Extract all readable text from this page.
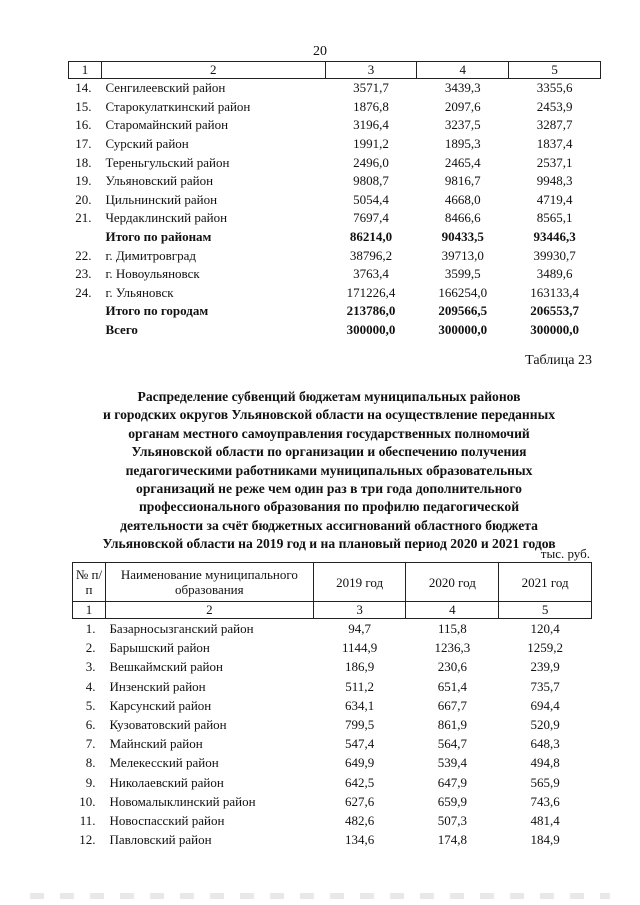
20
1	2	3	4	5
14.	Сенгилеевский район	3571,7	3439,3	3355,6
15.	Старокулаткинский район	1876,8	2097,6	2453,9
16.	Старомайнский район	3196,4	3237,5	3287,7
17.	Сурский район	1991,2	1895,3	1837,4
18.	Тереньгульский район	2496,0	2465,4	2537,1
19.	Ульяновский район	9808,7	9816,7	9948,3
20.	Цильнинский район	5054,4	4668,0	4719,4
21.	Чердаклинский район	7697,4	8466,6	8565,1
	Итого по районам	86214,0	90433,5	93446,3
22.	г. Димитровград	38796,2	39713,0	39930,7
23.	г. Новоульяновск	3763,4	3599,5	3489,6
24.	г. Ульяновск	171226,4	166254,0	163133,4
	Итого по городам	213786,0	209566,5	206553,7
	Всего	300000,0	300000,0	300000,0
Таблица 23
Распределение субвенций бюджетам муниципальных районов
и городских округов Ульяновской области на осуществление переданных
органам местного самоуправления государственных полномочий
Ульяновской области по организации и обеспечению получения
педагогическими работниками муниципальных образовательных
организаций не реже чем один раз в три года дополнительного
профессионального образования по профилю педагогической
деятельности за счёт бюджетных ассигнований областного бюджета
Ульяновской области на 2019 год и на плановый период 2020 и 2021 годов
тыс. руб.
№ п/п	Наименование муниципального образования	2019 год	2020 год	2021 год
1	2	3	4	5
1.	Базарносызганский район	94,7	115,8	120,4
2.	Барышский район	1144,9	1236,3	1259,2
3.	Вешкаймский район	186,9	230,6	239,9
4.	Инзенский район	511,2	651,4	735,7
5.	Карсунский район	634,1	667,7	694,4
6.	Кузоватовский район	799,5	861,9	520,9
7.	Майнский район	547,4	564,7	648,3
8.	Мелекесский район	649,9	539,4	494,8
9.	Николаевский район	642,5	647,9	565,9
10.	Новомалыклинский район	627,6	659,9	743,6
11.	Новоспасский район	482,6	507,3	481,4
12.	Павловский район	134,6	174,8	184,9
